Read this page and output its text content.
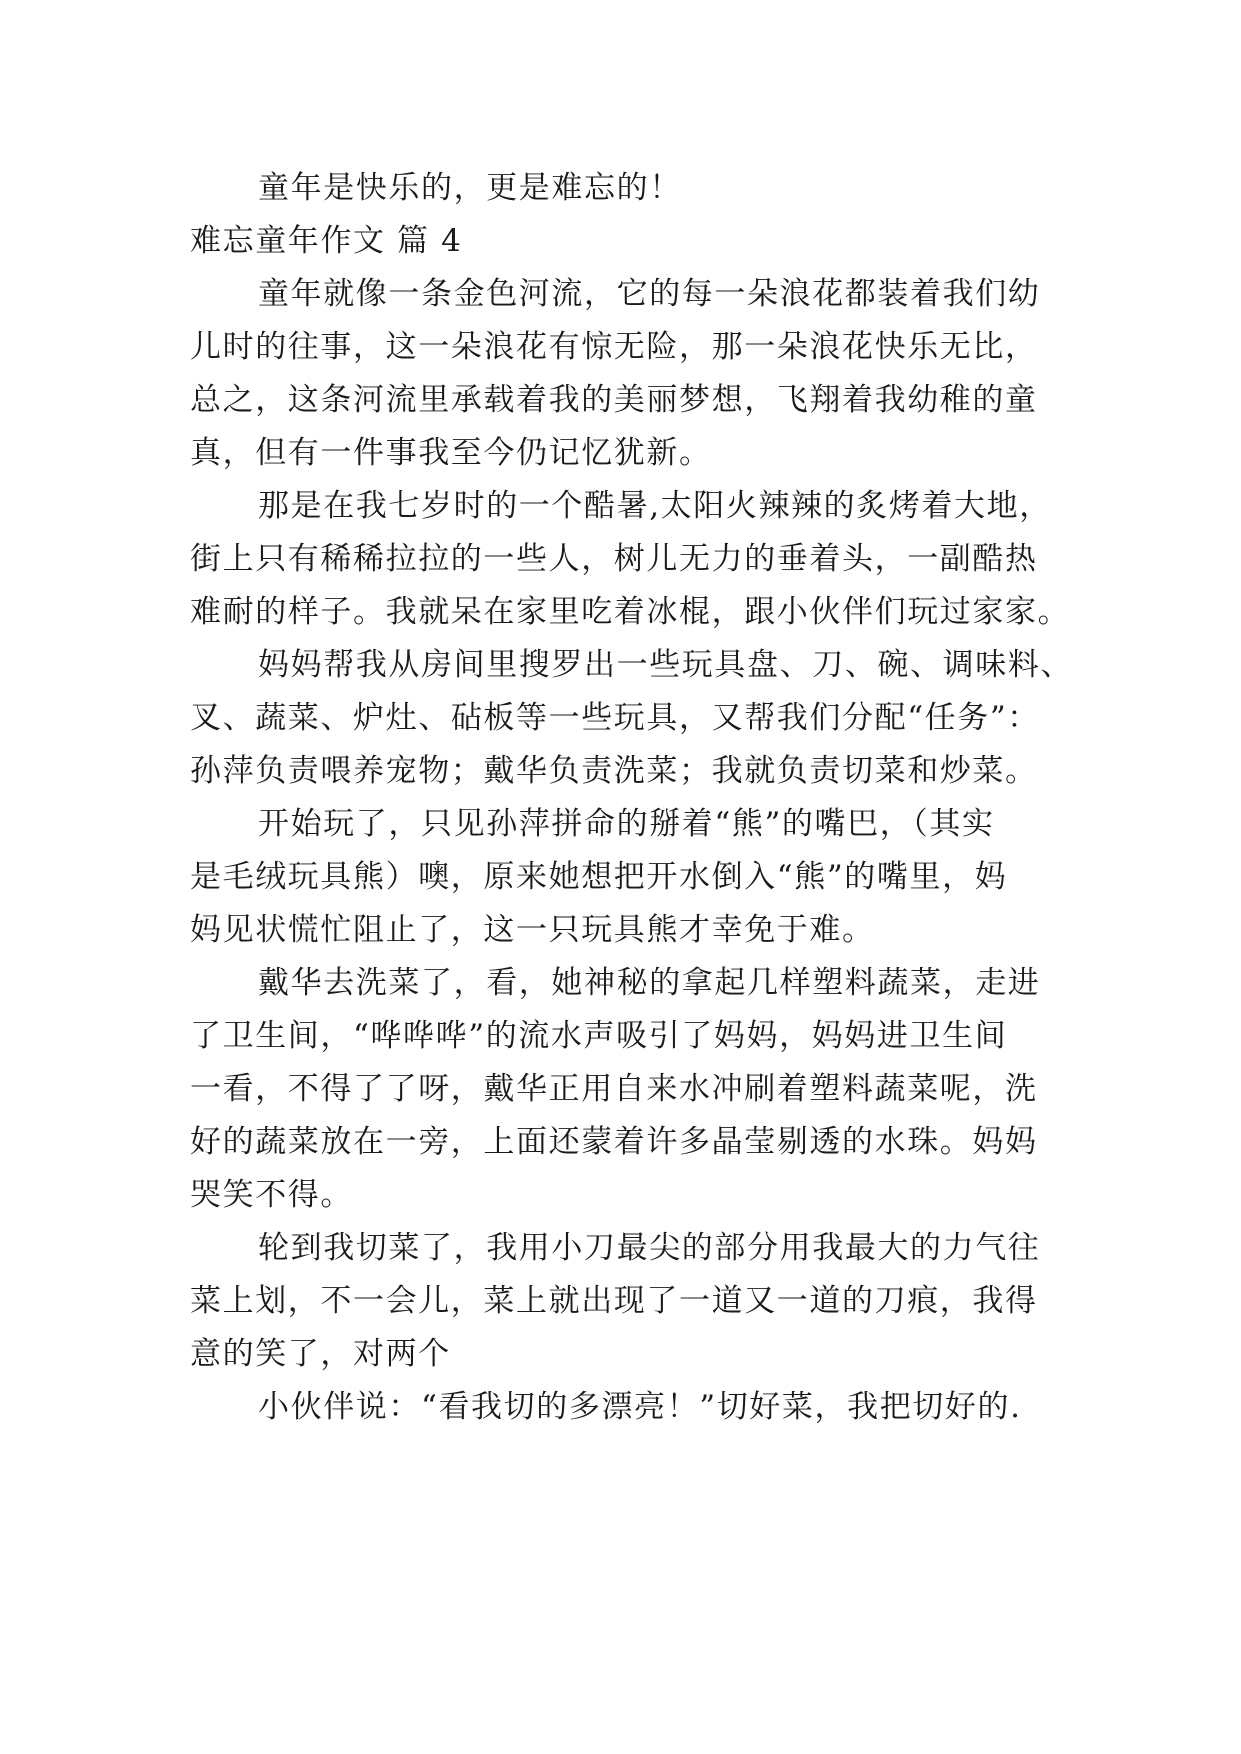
童年是快乐的，更是难忘的！
难忘童年作文 篇 4
童年就像一条金色河流，它的每一朵浪花都装着我们幼
儿时的往事，这一朵浪花有惊无险，那一朵浪花快乐无比，
总之，这条河流里承载着我的美丽梦想，飞翔着我幼稚的童
真，但有一件事我至今仍记忆犹新。
那是在我七岁时的一个酷暑,太阳火辣辣的炙烤着大地，
街上只有稀稀拉拉的一些人，树儿无力的垂着头，一副酷热
难耐的样子。我就呆在家里吃着冰棍，跟小伙伴们玩过家家。
妈妈帮我从房间里搜罗出一些玩具盘、刀、碗、调味料、
叉、蔬菜、炉灶、砧板等一些玩具，又帮我们分配“任务”：
孙萍负责喂养宠物；戴华负责洗菜；我就负责切菜和炒菜。
开始玩了，只见孙萍拼命的掰着“熊”的嘴巴，（其实
是毛绒玩具熊）噢，原来她想把开水倒入“熊”的嘴里，妈
妈见状慌忙阻止了，这一只玩具熊才幸免于难。
戴华去洗菜了，看，她神秘的拿起几样塑料蔬菜，走进
了卫生间，“哗哗哗”的流水声吸引了妈妈，妈妈进卫生间
一看，不得了了呀，戴华正用自来水冲刷着塑料蔬菜呢，洗
好的蔬菜放在一旁，上面还蒙着许多晶莹剔透的水珠。妈妈
哭笑不得。
轮到我切菜了，我用小刀最尖的部分用我最大的力气往
菜上划，不一会儿，菜上就出现了一道又一道的刀痕，我得
意的笑了，对两个
小伙伴说：“看我切的多漂亮！”切好菜，我把切好的.
